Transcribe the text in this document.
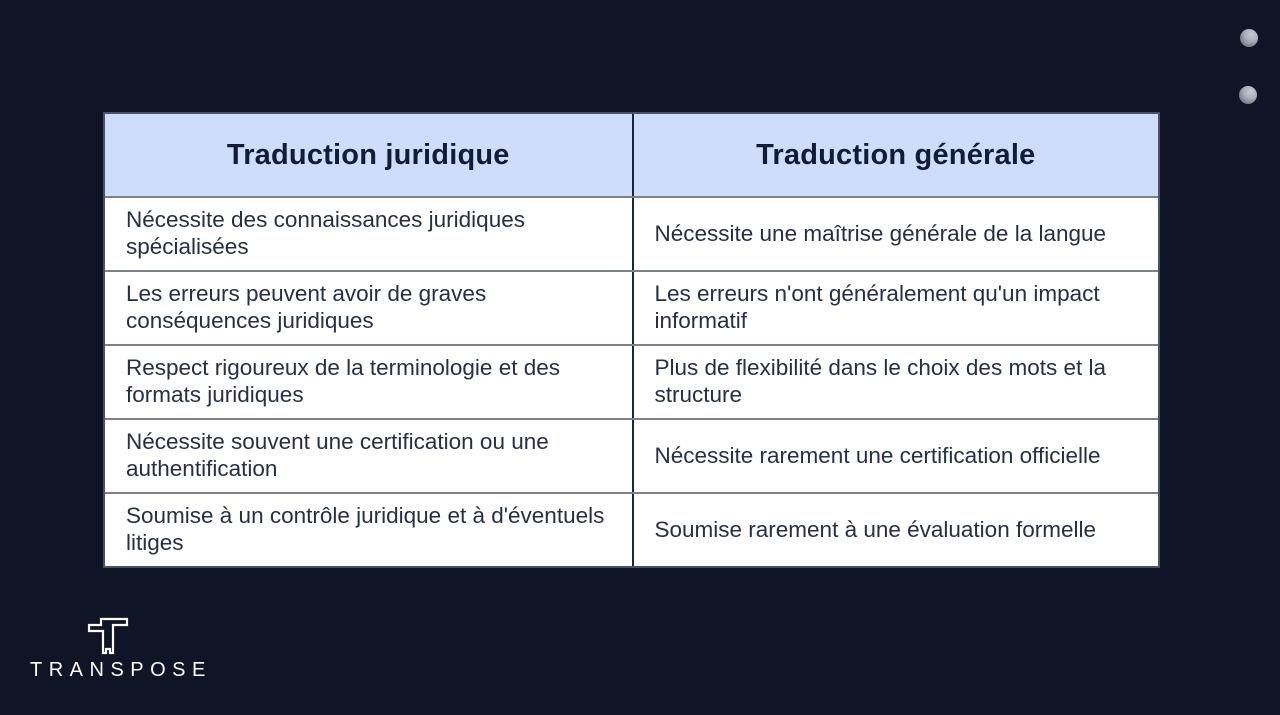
Traduction juridique	Traduction générale
Nécessite des connaissances juridiques spécialisées
Nécessite une maîtrise générale de la langue
Les erreurs peuvent avoir de graves conséquences juridiques
Les erreurs n'ont généralement qu'un impact informatif
Respect rigoureux de la terminologie et des formats juridiques
Plus de flexibilité dans le choix des mots et la structure
Nécessite souvent une certification ou une authentification
Nécessite rarement une certification officielle
Soumise à un contrôle juridique et à d'éventuels litiges
Soumise rarement à une évaluation formelle
TRANSPOSE
